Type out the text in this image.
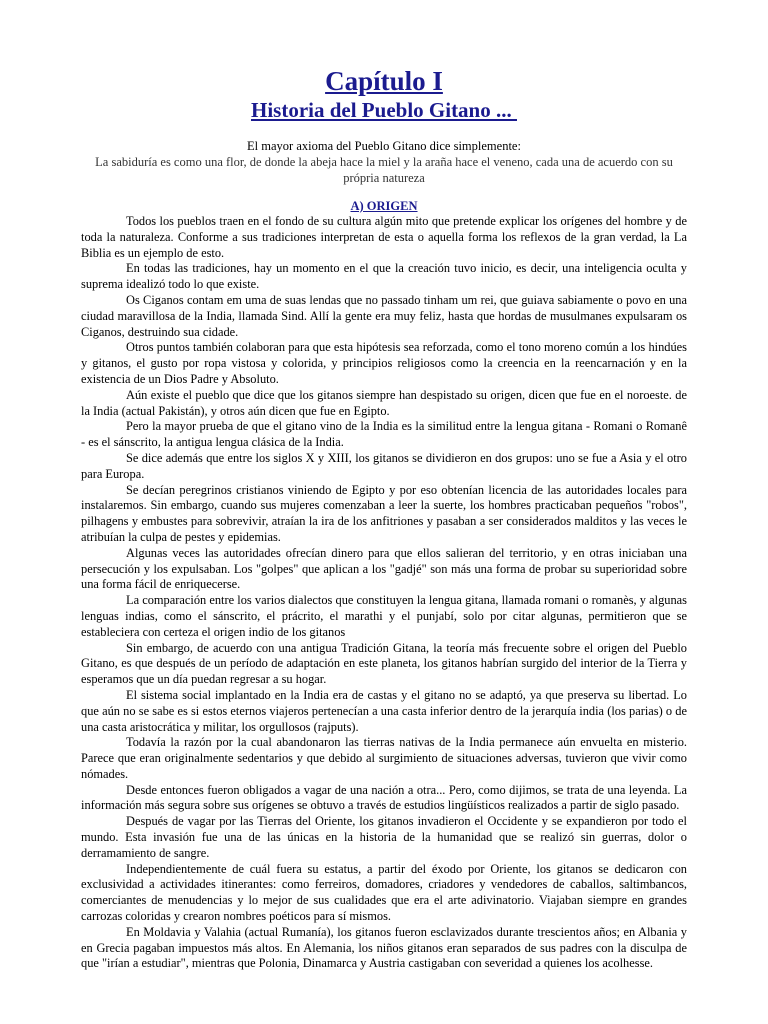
Capítulo I
Historia del Pueblo Gitano ...
El mayor axioma del Pueblo Gitano dice simplemente:
La sabiduría es como una flor, de donde la abeja hace la miel y la araña hace el veneno, cada una de acuerdo con su própria natureza
A) ORIGEN

Todos los pueblos traen en el fondo de su cultura algún mito que pretende explicar los orígenes del hombre y de toda la naturaleza. Conforme a sus tradiciones interpretan de esta o aquella forma los reflexos de la gran verdad, la La Biblia es un ejemplo de esto.

En todas las tradiciones, hay un momento en el que la creación tuvo inicio, es decir, una inteligencia oculta y suprema idealizó todo lo que existe.

Os Ciganos contam em uma de suas lendas que no passado tinham um rei, que guiava sabiamente o povo en una ciudad maravillosa de la India, llamada Sind. Allí la gente era muy feliz, hasta que hordas de musulmanes expulsaram os Ciganos, destruindo sua cidade.

Otros puntos también colaboran para que esta hipótesis sea reforzada, como el tono moreno común a los hindúes y gitanos, el gusto por ropa vistosa y colorida, y principios religiosos como la creencia en la reencarnación y en la existencia de un Dios Padre y Absoluto.

Aún existe el pueblo que dice que los gitanos siempre han despistado su origen, dicen que fue en el noroeste. de la India (actual Pakistán), y otros aún dicen que fue en Egipto.

Pero la mayor prueba de que el gitano vino de la India es la similitud entre la lengua gitana - Romani o Romanê - es el sánscrito, la antigua lengua clásica de la India.

Se dice además que entre los siglos X y XIII, los gitanos se dividieron en dos grupos: uno se fue a Asia y el otro para Europa.

Se decían peregrinos cristianos viniendo de Egipto y por eso obtenían licencia de las autoridades locales para instalaremos. Sin embargo, cuando sus mujeres comenzaban a leer la suerte, los hombres practicaban pequeños "robos", pilhagens y embustes para sobrevivir, atraían la ira de los anfitriones y pasaban a ser considerados malditos y las veces le atribuían la culpa de pestes y epidemias.

Algunas veces las autoridades ofrecían dinero para que ellos salieran del territorio, y en otras iniciaban una persecución y los expulsaban. Los "golpes" que aplican a los "gadjé" son más una forma de probar su superioridad sobre una forma fácil de enriquecerse.

La comparación entre los varios dialectos que constituyen la lengua gitana, llamada romani o romanès, y algunas lenguas indias, como el sánscrito, el prácrito, el marathi y el punjabí, solo por citar algunas, permitieron que se estableciera con certeza el origen indio de los gitanos

Sin embargo, de acuerdo con una antigua Tradición Gitana, la teoría más frecuente sobre el origen del Pueblo Gitano, es que después de un período de adaptación en este planeta, los gitanos habrían surgido del interior de la Tierra y esperamos que un día puedan regresar a su hogar.

El sistema social implantado en la India era de castas y el gitano no se adaptó, ya que preserva su libertad. Lo que aún no se sabe es si estos eternos viajeros pertenecían a una casta inferior dentro de la jerarquía india (los parias) o de una casta aristocrática y militar, los orgullosos (rajputs).

Todavía la razón por la cual abandonaron las tierras nativas de la India permanece aún envuelta en misterio. Parece que eran originalmente sedentarios y que debido al surgimiento de situaciones adversas, tuvieron que vivir como nómades.

Desde entonces fueron obligados a vagar de una nación a otra... Pero, como dijimos, se trata de una leyenda. La información más segura sobre sus orígenes se obtuvo a través de estudios lingüísticos realizados a partir de siglo pasado.

Después de vagar por las Tierras del Oriente, los gitanos invadieron el Occidente y se expandieron por todo el mundo. Esta invasión fue una de las únicas en la historia de la humanidad que se realizó sin guerras, dolor o derramamiento de sangre.

Independientemente de cuál fuera su estatus, a partir del éxodo por Oriente, los gitanos se dedicaron con exclusividad a actividades itinerantes: como ferreiros, domadores, criadores y vendedores de caballos, saltimbancos, comerciantes de menudencias y lo mejor de sus cualidades que era el arte adivinatorio. Viajaban siempre en grandes carrozas coloridas y crearon nombres poéticos para sí mismos.

En Moldavia y Valahia (actual Rumanía), los gitanos fueron esclavizados durante trescientos años; en Albania y en Grecia pagaban impuestos más altos. En Alemania, los niños gitanos eran separados de sus padres con la disculpa de que "irían a estudiar", mientras que Polonia, Dinamarca y Austria castigaban con severidad a quienes los acolhesse.
